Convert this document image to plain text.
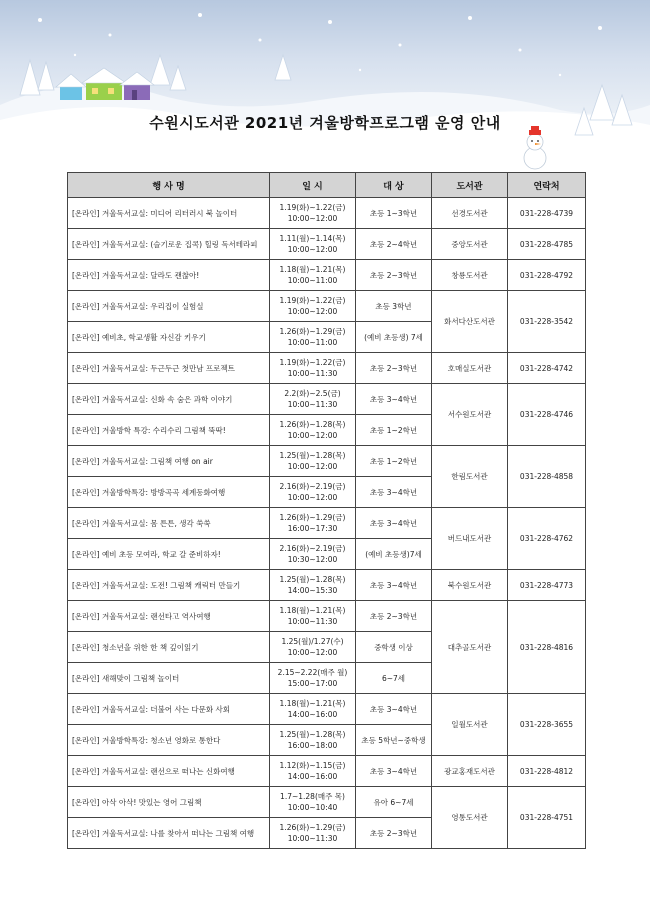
수원시도서관 2021년 겨울방학프로그램 운영 안내
행 사 명	일 시	대 상	도서관	연락처
[온라인] 겨울독서교실: 미디어 리터러시 북 놀이터	1.19(화)~1.22(금)
10:00~12:00	초등 1~3학년	선경도서관	031-228-4739
[온라인] 겨울독서교실: (슬기로운 집콕) 힐링 독서테라피	1.11(월)~1.14(목)
10:00~12:00	초등 2~4학년	중앙도서관	031-228-4785
[온라인] 겨울독서교실: 달라도 괜찮아!	1.18(월)~1.21(목)
10:00~11:00	초등 2~3학년	창룡도서관	031-228-4792
[온라인] 겨울독서교실: 우리집이 실험실	1.19(화)~1.22(금)
10:00~12:00	초등 3학년	화서다산도서관	031-228-3542
[온라인] 예비초, 학교생활 자신감 키우기	1.26(화)~1.29(금)
10:00~11:00	(예비 초등생) 7세		
[온라인] 겨울독서교실: 두근두근 첫만남 프로젝트	1.19(화)~1.22(금)
10:00~11:30	초등 2~3학년	호매실도서관	031-228-4742
[온라인] 겨울독서교실: 신화 속 숨은 과학 이야기	2.2(화)~2.5(금)
10:00~11:30	초등 3~4학년	서수원도서관	031-228-4746
[온라인] 겨울방학 특강: 수리수리 그림책 뚝딱!	1.26(화)~1.28(목)
10:00~12:00	초등 1~2학년		
[온라인] 겨울독서교실: 그림책 여행 on air	1.25(월)~1.28(목)
10:00~12:00	초등 1~2학년	한림도서관	031-228-4858
[온라인] 겨울방학특강: 방방곡곡 세계동화여행	2.16(화)~2.19(금)
10:00~12:00	초등 3~4학년		
[온라인] 겨울독서교실: 몸 튼튼, 생각 쑥쑥	1.26(화)~1.29(금)
16:00~17:30	초등 3~4학년	버드내도서관	031-228-4762
[온라인] 예비 초등 모여라, 학교 갈 준비하자!	2.16(화)~2.19(금)
10:30~12:00	(예비 초등생)7세		
[온라인] 겨울독서교실: 도전! 그림책 캐릭터 만들기	1.25(월)~1.28(목)
14:00~15:30	초등 3~4학년	북수원도서관	031-228-4773
[온라인] 겨울독서교실: 랜선타고 역사여행	1.18(월)~1.21(목)
10:00~11:30	초등 2~3학년	대추골도서관	031-228-4816
[온라인] 청소년을 위한 한 책 깊이읽기	1.25(월)/1.27(수)
10:00~12:00	중학생 이상		
[온라인] 새해맞이 그림책 놀이터	2.15~2.22(매주 월)
15:00~17:00	6~7세		
[온라인] 겨울독서교실: 더불어 사는 다문화 사회	1.18(월)~1.21(목)
14:00~16:00	초등 3~4학년	일월도서관	031-228-3655
[온라인] 겨울방학특강: 청소년 영화로 통한다	1.25(월)~1.28(목)
16:00~18:00	초등 5학년~중학생		
[온라인] 겨울독서교실: 랜선으로 떠나는 신화여행	1.12(화)~1.15(금)
14:00~16:00	초등 3~4학년	광교홍재도서관	031-228-4812
[온라인] 아삭 아삭! 맛있는 영어 그림책	1.7~1.28(매주 목)
10:00~10:40	유아 6~7세	영통도서관	031-228-4751
[온라인] 겨울독서교실: 나를 찾아서 떠나는 그림책 여행	1.26(화)~1.29(금)
10:00~11:30	초등 2~3학년		
